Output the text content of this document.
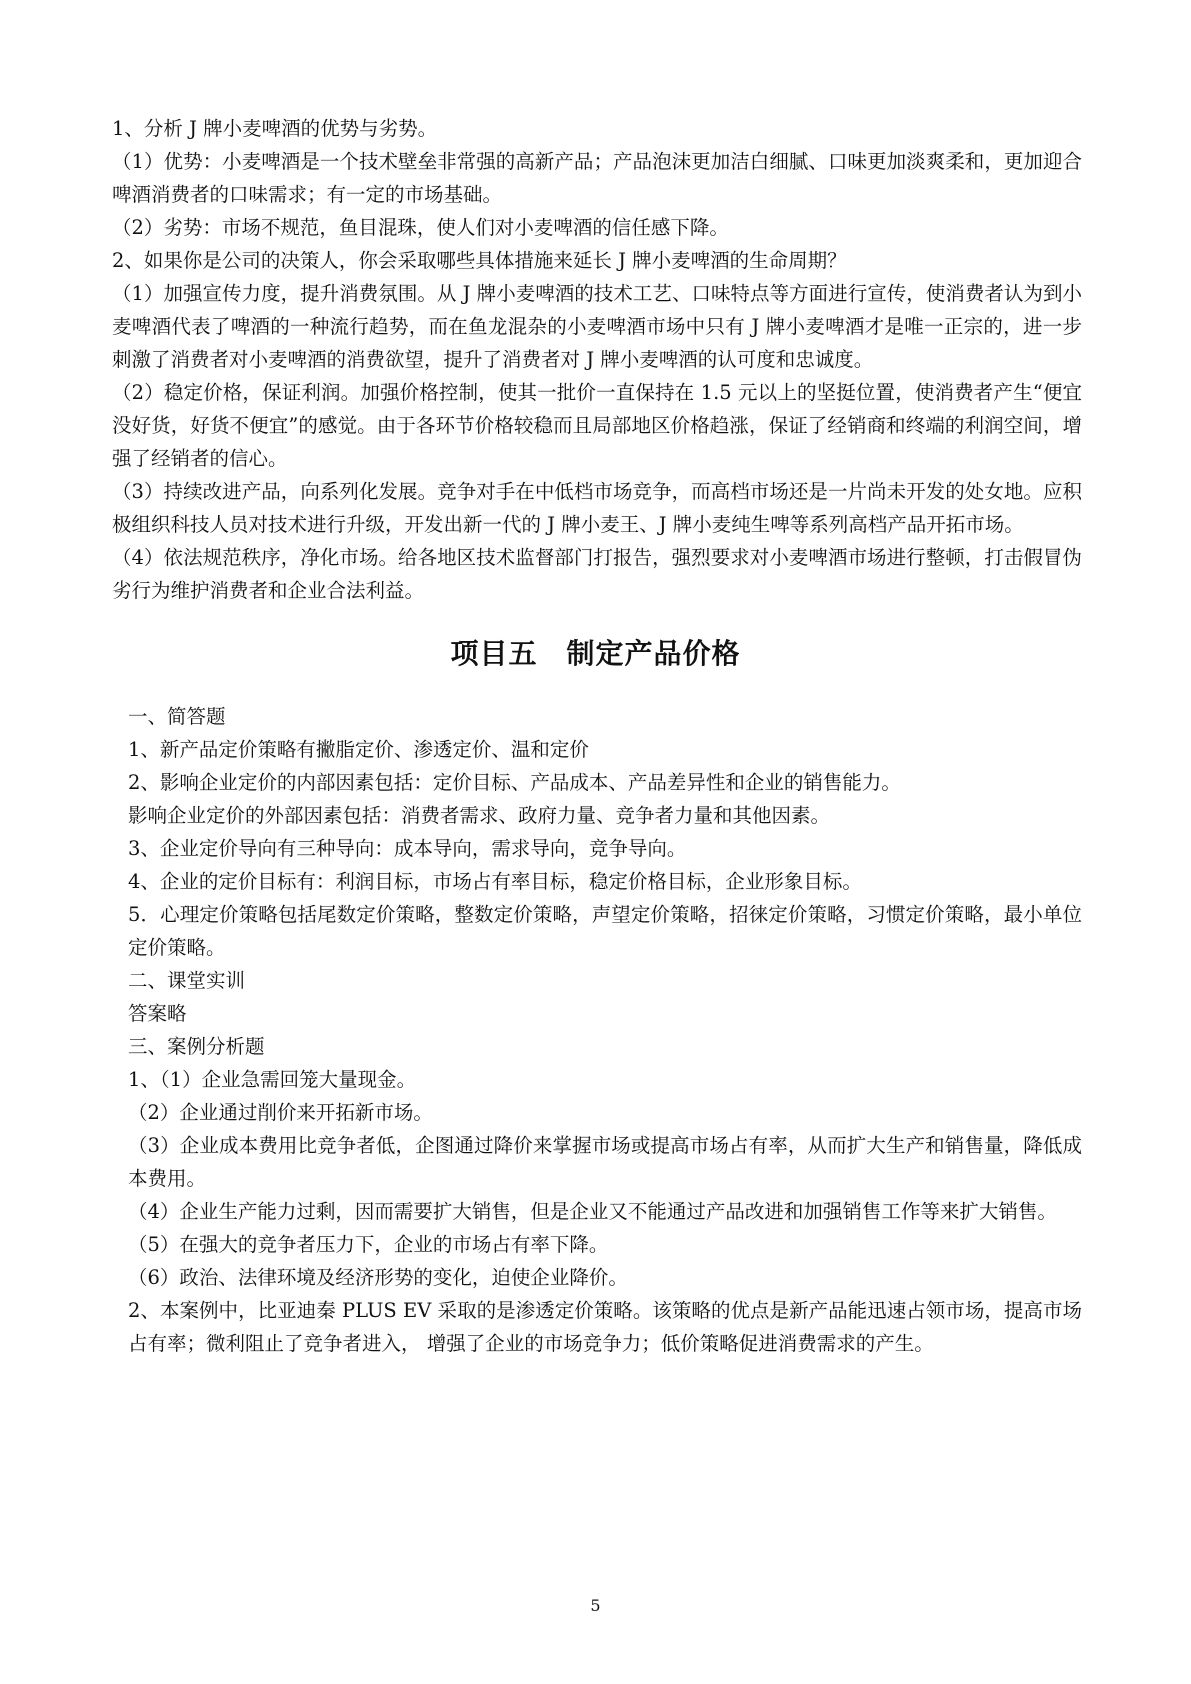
1、分析 J 牌小麦啤酒的优势与劣势。

（1）优势：小麦啤酒是一个技术壁垒非常强的高新产品；产品泡沫更加洁白细腻、口味更加淡爽柔和，更加迎合啤酒消费者的口味需求；有一定的市场基础。

（2）劣势：市场不规范，鱼目混珠，使人们对小麦啤酒的信任感下降。

2、如果你是公司的决策人，你会采取哪些具体措施来延长 J 牌小麦啤酒的生命周期？

（1）加强宣传力度，提升消费氛围。从 J 牌小麦啤酒的技术工艺、口味特点等方面进行宣传，使消费者认为到小麦啤酒代表了啤酒的一种流行趋势，而在鱼龙混杂的小麦啤酒市场中只有 J 牌小麦啤酒才是唯一正宗的，进一步刺激了消费者对小麦啤酒的消费欲望，提升了消费者对 J 牌小麦啤酒的认可度和忠诚度。

（2）稳定价格，保证利润。加强价格控制，使其一批价一直保持在 1.5 元以上的坚挺位置，使消费者产生“便宜没好货，好货不便宜”的感觉。由于各环节价格较稳而且局部地区价格趋涨，保证了经销商和终端的利润空间，增强了经销者的信心。

（3）持续改进产品，向系列化发展。竞争对手在中低档市场竞争，而高档市场还是一片尚未开发的处女地。应积极组织科技人员对技术进行升级，开发出新一代的 J 牌小麦王、J 牌小麦纯生啤等系列高档产品开拓市场。

（4）依法规范秩序，净化市场。给各地区技术监督部门打报告，强烈要求对小麦啤酒市场进行整顿，打击假冒伪劣行为维护消费者和企业合法利益。

项目五　制定产品价格

一、简答题

1、新产品定价策略有撇脂定价、渗透定价、温和定价

2、影响企业定价的内部因素包括：定价目标、产品成本、产品差异性和企业的销售能力。

影响企业定价的外部因素包括：消费者需求、政府力量、竞争者力量和其他因素。

3、企业定价导向有三种导向：成本导向，需求导向，竞争导向。

4、企业的定价目标有：利润目标，市场占有率目标，稳定价格目标，企业形象目标。

5．心理定价策略包括尾数定价策略，整数定价策略，声望定价策略，招徕定价策略，习惯定价策略，最小单位定价策略。

二、课堂实训

答案略

三、案例分析题

1、（1）企业急需回笼大量现金。

（2）企业通过削价来开拓新市场。

（3）企业成本费用比竞争者低，企图通过降价来掌握市场或提高市场占有率，从而扩大生产和销售量，降低成本费用。

（4）企业生产能力过剩，因而需要扩大销售，但是企业又不能通过产品改进和加强销售工作等来扩大销售。

（5）在强大的竞争者压力下，企业的市场占有率下降。

（6）政治、法律环境及经济形势的变化，迫使企业降价。

2、本案例中，比亚迪秦 PLUS EV 采取的是渗透定价策略。该策略的优点是新产品能迅速占领市场，提高市场占有率；微利阻止了竞争者进入， 增强了企业的市场竞争力；低价策略促进消费需求的产生。

5
